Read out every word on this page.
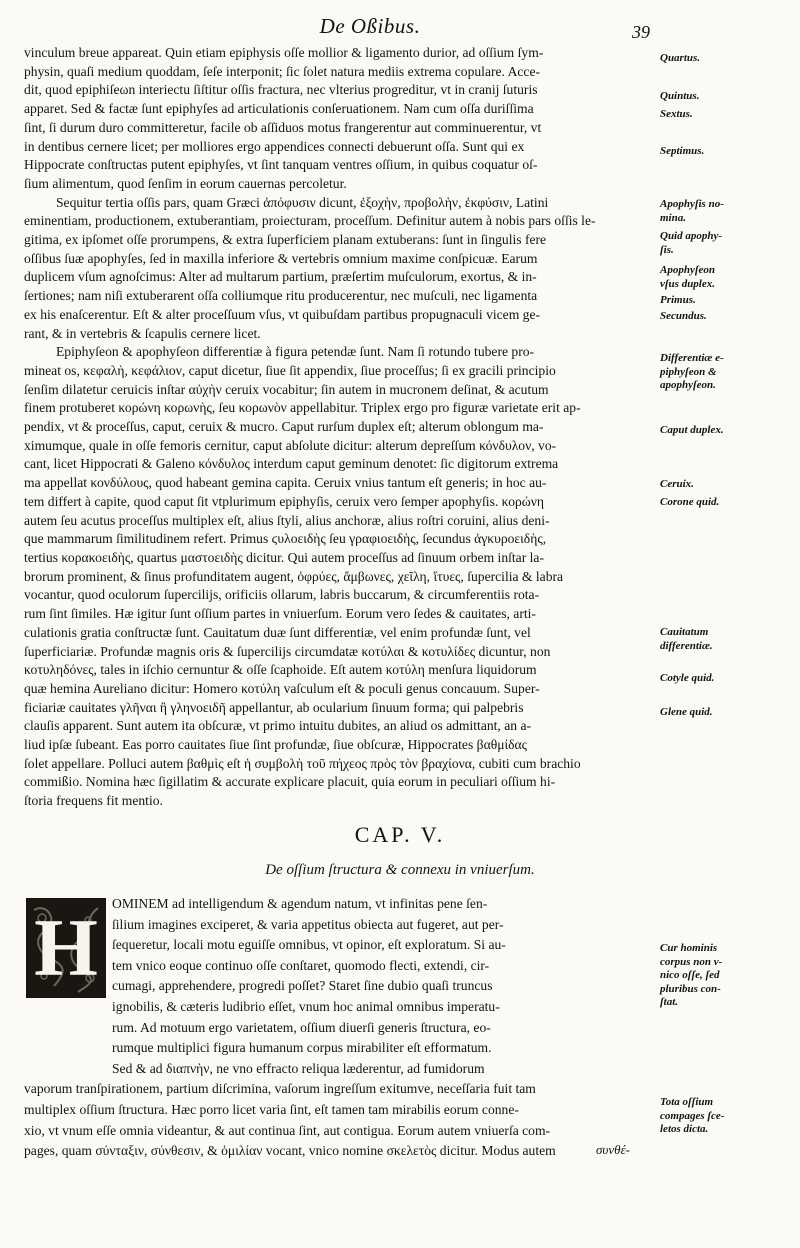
De Oßibus.	39
vinculum breue appareat. Quin etiam epiphysis oſſe mollior & ligamento durior, ad oſſium ſym-
physin, quaſi medium quoddam, ſeſe interponit; ſic ſolet natura mediis extrema copulare. Acce-
dit, quod epiphiſeωn interiectu ſiſtitur oſſis fractura, nec vlterius progreditur, vt in cranij ſuturis
apparet. Sed & factæ ſunt epiphyſes ad articulationis conſeruationem. Nam cum oſſa duriſſima
ſint, ſi durum duro committeretur, facile ob aſſiduos motus frangerentur aut comminuerentur, vt
in dentibus cernere licet; per molliores ergo appendices connecti debuerunt oſſa. Sunt qui ex
Hippocrate conſtructas putent epiphyſes, vt ſint tanquam ventres oſſium, in quibus coquatur oſ-
ſium alimentum, quod ſenſim in eorum cauernas percoletur.
Sequitur tertia oſſis pars, quam Græci ἀπόφυσιν dicunt, ἐξοχὴν, προβολὴν, ἐκφύσιν, Latini
eminentiam, productionem, extuberantiam, proiecturam, proceſſum. Definitur autem à nobis pars oſſis le-
gitima, ex ipſomet oſſe prorumpens, & extra ſuperficiem planam extuberans: ſunt in ſingulis fere
oſſibus ſuæ apophyſes, ſed in maxilla inferiore & vertebris omnium maxime conſpicuæ. Earum
duplicem vſum agnoſcimus: Alter ad multarum partium, præſertim muſculorum, exortus, & in-
ſertiones; nam niſi extuberarent oſſa colliumque ritu producerentur, nec muſculi, nec ligamenta
ex his enaſcerentur. Eſt & alter proceſſuum vſus, vt quibuſdam partibus propugnaculi vicem ge-
rant, & in vertebris & ſcapulis cernere licet.
Epiphyſeon & apophyſeon differentiæ à figura petendæ ſunt. Nam ſi rotundo tubere pro-
mineat os, κεφαλὴ, κεφάλιον, caput dicetur, ſiue ſit appendix, ſiue proceſſus; ſi ex gracili principio
ſenſim dilatetur ceruicis inſtar αὐχὴν ceruix vocabitur; ſin autem in mucronem deſinat, & acutum
finem protuberet κορώνη κορωνὴς, ſeu κορωνὸν appellabitur. Triplex ergo pro figuræ varietate erit ap-
pendix, vt & proceſſus, caput, ceruix & mucro. Caput rurſum duplex eſt; alterum oblongum ma-
ximumque, quale in oſſe femoris cernitur, caput abſolute dicitur: alterum depreſſum κόνδυλον, vo-
cant, licet Hippocrati & Galeno κόνδυλος interdum caput geminum denotet: ſic digitorum extrema
ma appellat κονδύλους, quod habeant gemina capita. Ceruix vnius tantum eſt generis; in hoc au-
tem differt à capite, quod caput ſit vtplurimum epiphyſis, ceruix vero ſemper apophyſis. κορώνη
autem ſeu acutus proceſſus multiplex eſt, alius ſtyli, alius anchoræ, alius roſtri coruini, alius deni-
que mammarum ſimilitudinem refert. Primus ϛυλοειδὴς ſeu γραφιοειδὴς, ſecundus ἀγκυροειδὴς,
tertius κορακοειδὴς, quartus μαστοειδὴς dicitur. Qui autem proceſſus ad ſinuum orbem inſtar la-
brorum prominent, & ſinus profunditatem augent, ὀφρύες, ἄμβωνες, χεῖλη, ἴτυες, ſupercilia & labra
vocantur, quod oculorum ſupercilijs, orificiis ollarum, labris buccarum, & circumferentiis rota-
rum ſint ſimiles. Hæ igitur ſunt oſſium partes in vniuerſum. Eorum vero ſedes & cauitates, arti-
culationis gratia conſtructæ ſunt. Cauitatum duæ ſunt differentiæ, vel enim profundæ ſunt, vel
ſuperficiariæ. Profundæ magnis oris & ſupercilijs circumdatæ κοτύλαι & κοτυλίδες dicuntur, non
κοτυληδόνες, tales in iſchio cernuntur & oſſe ſcaphoide. Eſt autem κοτύλη menſura liquidorum
quæ hemina Aureliano dicitur: Homero κοτύλη vaſculum eſt & poculi genus concauum. Super-
ficiariæ cauitates γλῆναι ἢ γληνοειδῆ appellantur, ab ocularium ſinuum forma; qui palpebris
clauſis apparent. Sunt autem ita obſcuræ, vt primo intuitu dubites, an aliud os admittant, an a-
liud ipſæ ſubeant. Eas porro cauitates ſiue ſint profundæ, ſiue obſcuræ, Hippocrates βαθμίδας
ſolet appellare. Polluci autem βαθμὶς eſt ἡ συμβολὴ τοῦ πήχεος πρὸς τὸν βραχίονα, cubiti cum brachio
commißio. Nomina hæc ſigillatim & accurate explicare placuit, quia eorum in peculiari oſſium hi-
ſtoria frequens fit mentio.
Quartus.
Quintus.
Sextus.
Septimus.
Apophyſis no-
mina.
Quid apophy-
ſis.
Apophyſeon
vſus duplex.
Primus.
Secundus.
Differentiæ e-
piphyſeon &
apophyſeon.
Caput duplex.
Ceruix.
Corone quid.
Cauitatum
differentiæ.
Cotyle quid.
Glene quid.
Cur hominis
corpus non v-
nico oſſe, ſed
pluribus con-
ſtat.
Tota oſſium
compages ſce-
letos dicta.
CAP. V.
De oſſium ſtructura & connexu in vniuerſum.
H	OMINEM ad intelligendum & agendum natum, vt infinitas pene ſen-
ſilium imagines exciperet, & varia appetitus obiecta aut fugeret, aut per-
ſequeretur, locali motu eguiſſe omnibus, vt opinor, eſt exploratum. Si au-
tem vnico eoque continuo oſſe conſtaret, quomodo flecti, extendi, cir-
cumagi, apprehendere, progredi poſſet? Staret ſine dubio quaſi truncus
ignobilis, & cæteris ludibrio eſſet, vnum hoc animal omnibus imperatu-
rum. Ad motuum ergo varietatem, oſſium diuerſi generis ſtructura, eo-
rumque multiplici figura humanum corpus mirabiliter eſt efformatum.
Sed & ad διαπνὴν, ne vno effracto reliqua læderentur, ad fumidorum
vaporum tranſpirationem, partium diſcrimina, vaſorum ingreſſum exitumve, neceſſaria fuit tam
multiplex oſſium ſtructura. Hæc porro licet varia ſint, eſt tamen tam mirabilis eorum conne-
xio, vt vnum eſſe omnia videantur, & aut continua ſint, aut contigua. Eorum autem vniuerſa com-
pages, quam σύνταξιν, σύνθεσιν, & ὁμιλίαν vocant, vnico nomine σκελετὸς dicitur. Modus autem	συνθέ-
